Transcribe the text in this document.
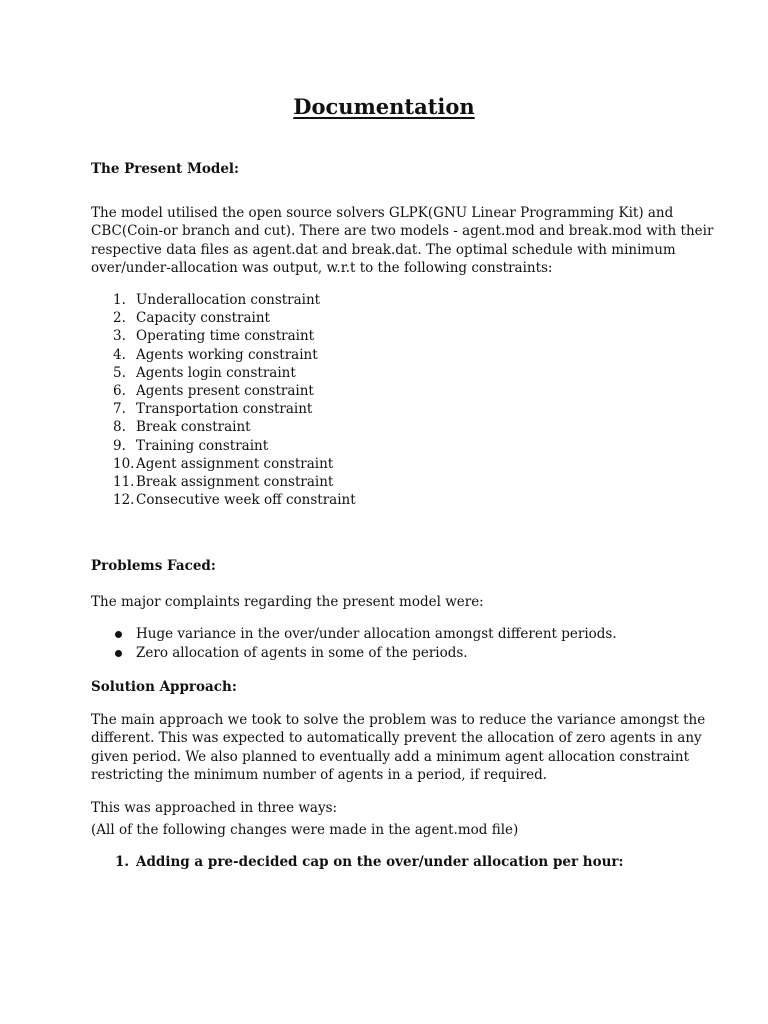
Documentation

The Present Model:

The model utilised the open source solvers GLPK(GNU Linear Programming Kit) and
CBC(Coin-or branch and cut). There are two models - agent.mod and break.mod with their
respective data files as agent.dat and break.dat. The optimal schedule with minimum
over/under-allocation was output, w.r.t to the following constraints:

1. Underallocation constraint
2. Capacity constraint
3. Operating time constraint
4. Agents working constraint
5. Agents login constraint
6. Agents present constraint
7. Transportation constraint
8. Break constraint
9. Training constraint
10. Agent assignment constraint
11. Break assignment constraint
12. Consecutive week off constraint

Problems Faced:

The major complaints regarding the present model were:

Huge variance in the over/under allocation amongst different periods.
Zero allocation of agents in some of the periods.

Solution Approach:

The main approach we took to solve the problem was to reduce the variance amongst the
different. This was expected to automatically prevent the allocation of zero agents in any
given period. We also planned to eventually add a minimum agent allocation constraint
restricting the minimum number of agents in a period, if required.

This was approached in three ways:

(All of the following changes were made in the agent.mod file)

1. Adding a pre-decided cap on the over/under allocation per hour:
